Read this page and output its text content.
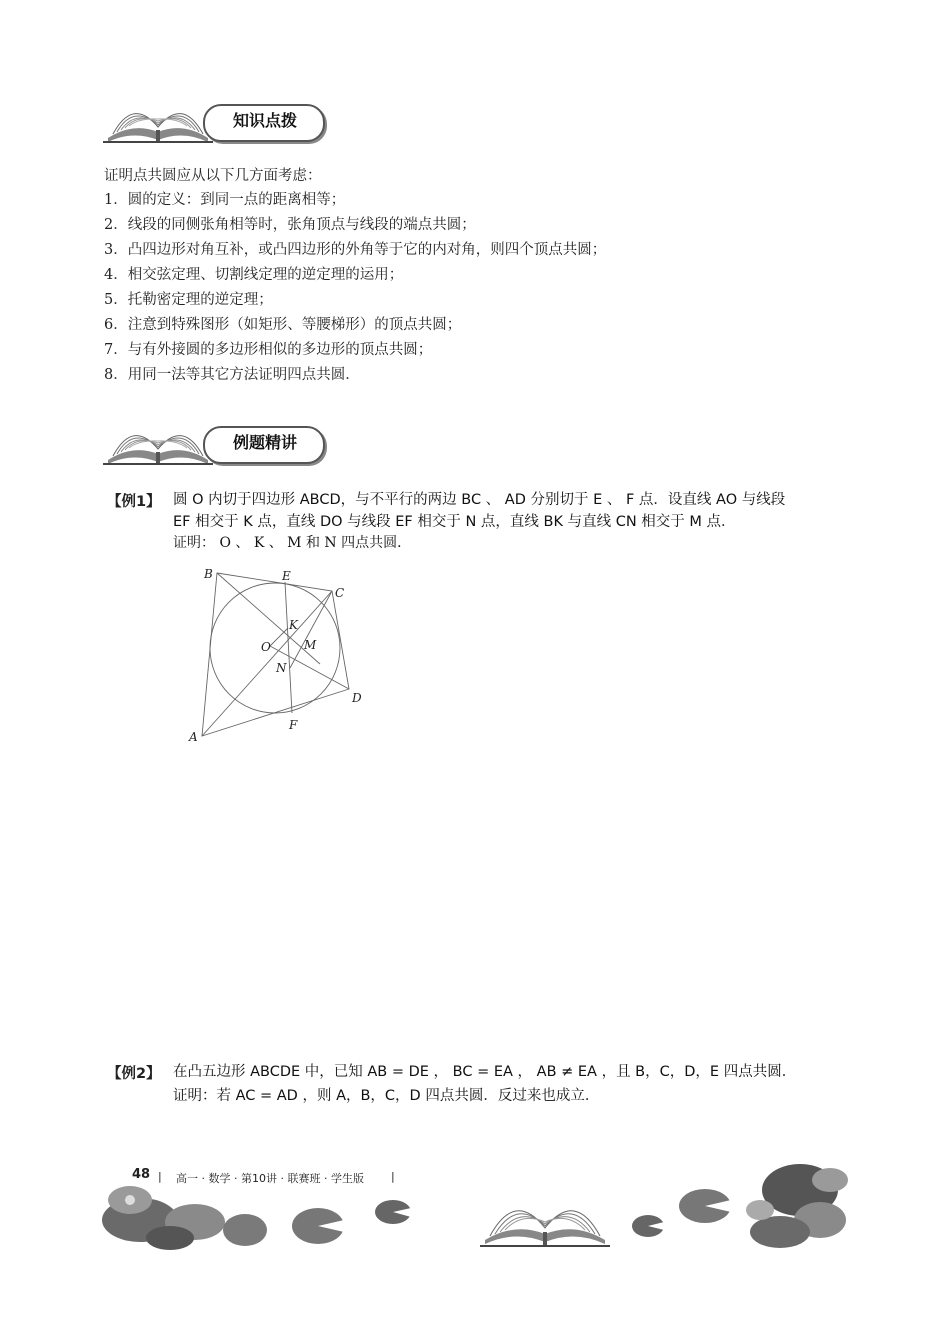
知识点拨
证明点共圆应从以下几方面考虑：
1．圆的定义：到同一点的距离相等；
2．线段的同侧张角相等时，张角顶点与线段的端点共圆；
3．凸四边形对角互补，或凸四边形的外角等于它的内对角，则四个顶点共圆；
4．相交弦定理、切割线定理的逆定理的运用；
5．托勒密定理的逆定理；
6．注意到特殊图形（如矩形、等腰梯形）的顶点共圆；
7．与有外接圆的多边形相似的多边形的顶点共圆；
8．用同一法等其它方法证明四点共圆．
例题精讲
【例1】 圆 O 内切于四边形 ABCD，与不平行的两边 BC 、 AD 分别切于 E 、 F 点．设直线 AO 与线段
EF 相交于 K 点，直线 DO 与线段 EF 相交于 N 点，直线 BK 与直线 CN 相交于 M 点．
证明： O 、 K 、 M 和 N 四点共圆．
B	E
C
K
M
O
N
D
F
A
【例2】 在凸五边形 ABCDE 中，已知 AB = DE ， BC = EA ， AB ≠ EA ，且 B，C，D，E 四点共圆．
证明：若 AC = AD ，则 A，B，C，D 四点共圆．反过来也成立．
48 | 高一 · 数学 · 第10讲 · 联赛班 · 学生版 |
